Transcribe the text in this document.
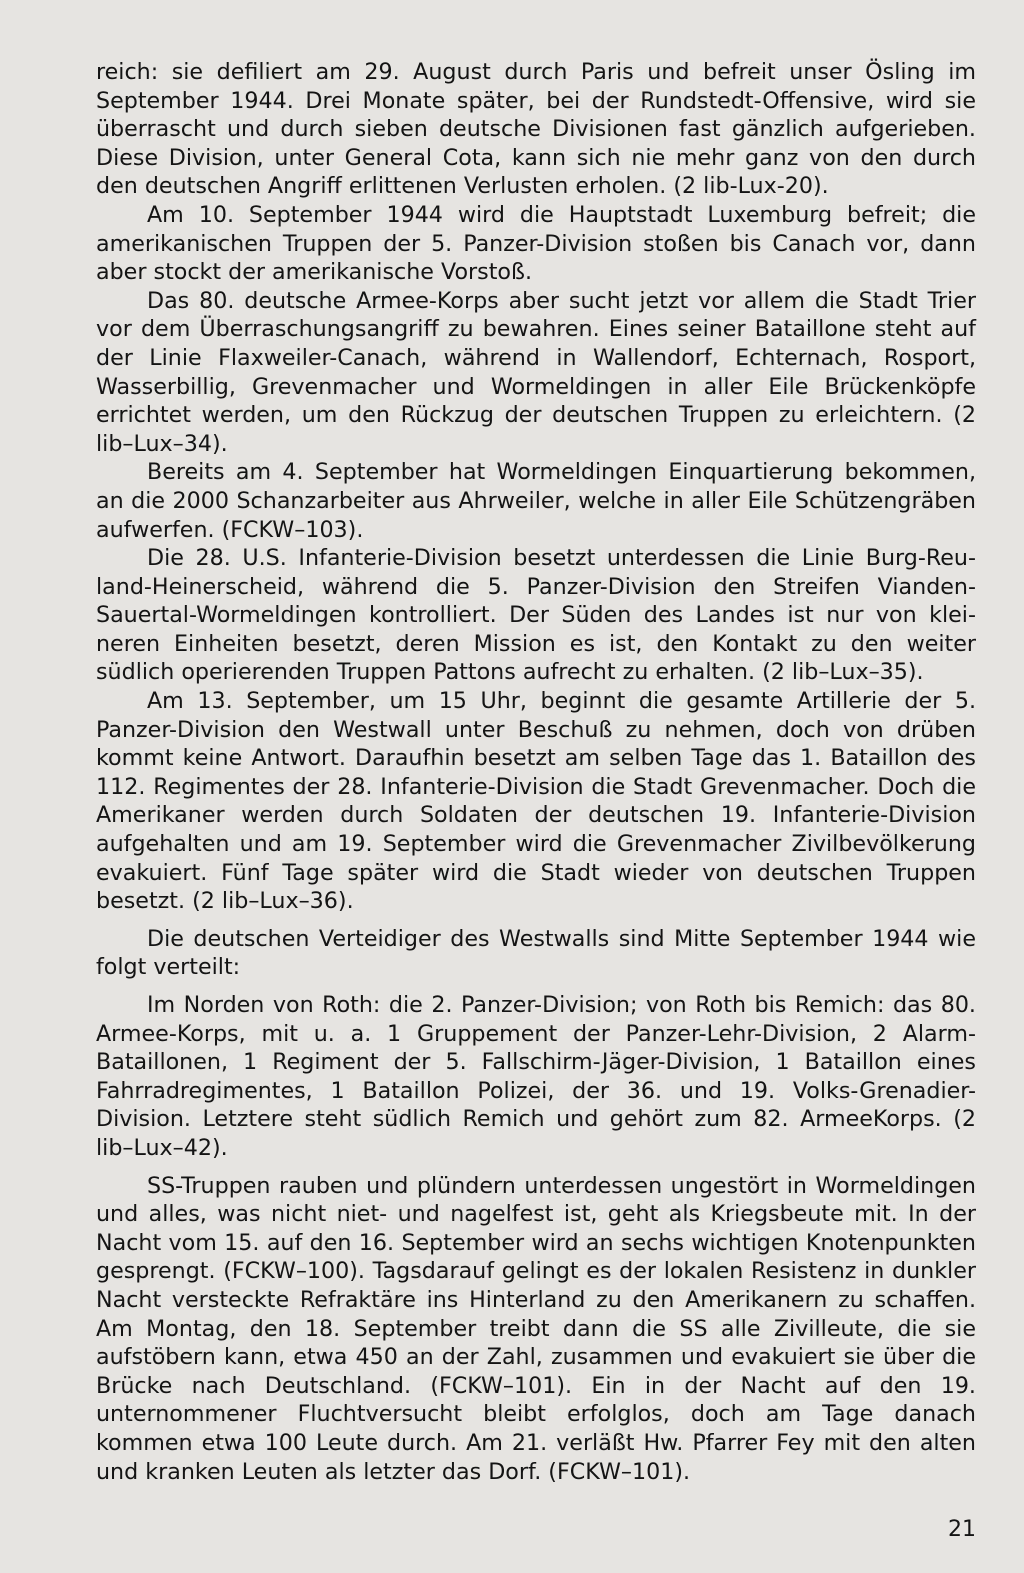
reich: sie defiliert am 29. August durch Paris und befreit unser Ösling im September 1944. Drei Monate später, bei der Rundstedt-Offensive, wird sie überrascht und durch sieben deutsche Divisionen fast gänzlich aufgerieben. Diese Division, unter General Cota, kann sich nie mehr ganz von den durch den deutschen Angriff erlittenen Verlusten erholen. (2 lib-Lux-20).

Am 10. September 1944 wird die Hauptstadt Luxemburg befreit; die amerikanischen Truppen der 5. Panzer-Division stoßen bis Canach vor, dann aber stockt der amerikanische Vorstoß.

Das 80. deutsche Armee-Korps aber sucht jetzt vor allem die Stadt Trier vor dem Überraschungsangriff zu bewahren. Eines seiner Bataillone steht auf der Linie Flaxweiler-Canach, während in Wallendorf, Echternach, Rosport, Wasserbillig, Grevenmacher und Wormeldingen in aller Eile Brückenköpfe errichtet werden, um den Rückzug der deutschen Truppen zu erleichtern. (2 lib–Lux–34).

Bereits am 4. September hat Wormeldingen Einquartierung bekommen, an die 2000 Schanzarbeiter aus Ahrweiler, welche in aller Eile Schützengräben aufwerfen. (FCKW–103).

Die 28. U.S. Infanterie-Division besetzt unterdessen die Linie Burg-Reuland-Heinerscheid, während die 5. Panzer-Division den Streifen Vianden-Sauertal-Wormeldingen kontrolliert. Der Süden des Landes ist nur von kleineren Einheiten besetzt, deren Mission es ist, den Kontakt zu den weiter südlich operierenden Truppen Pattons aufrecht zu erhalten. (2 lib–Lux–35).

Am 13. September, um 15 Uhr, beginnt die gesamte Artillerie der 5. Panzer-Division den Westwall unter Beschuß zu nehmen, doch von drüben kommt keine Antwort. Daraufhin besetzt am selben Tage das 1. Bataillon des 112. Regimentes der 28. Infanterie-Division die Stadt Grevenmacher. Doch die Amerikaner werden durch Soldaten der deutschen 19. Infanterie-Division aufgehalten und am 19. September wird die Grevenmacher Zivilbevölkerung evakuiert. Fünf Tage später wird die Stadt wieder von deutschen Truppen besetzt. (2 lib–Lux–36).

Die deutschen Verteidiger des Westwalls sind Mitte September 1944 wie folgt verteilt:

Im Norden von Roth: die 2. Panzer-Division; von Roth bis Remich: das 80. Armee-Korps, mit u. a. 1 Gruppement der Panzer-Lehr-Division, 2 Alarm-Bataillonen, 1 Regiment der 5. Fallschirm-Jäger-Division, 1 Bataillon eines Fahrradregimentes, 1 Bataillon Polizei, der 36. und 19. Volks-Grenadier-Division. Letztere steht südlich Remich und gehört zum 82. ArmeeKorps. (2 lib–Lux–42).

SS-Truppen rauben und plündern unterdessen ungestört in Wormeldingen und alles, was nicht niet- und nagelfest ist, geht als Kriegsbeute mit. In der Nacht vom 15. auf den 16. September wird an sechs wichtigen Knotenpunkten gesprengt. (FCKW–100). Tagsdarauf gelingt es der lokalen Resistenz in dunkler Nacht versteckte Refraktäre ins Hinterland zu den Amerikanern zu schaffen. Am Montag, den 18. September treibt dann die SS alle Zivilleute, die sie aufstöbern kann, etwa 450 an der Zahl, zusammen und evakuiert sie über die Brücke nach Deutschland. (FCKW–101). Ein in der Nacht auf den 19. unternommener Fluchtversucht bleibt erfolglos, doch am Tage danach kommen etwa 100 Leute durch. Am 21. verläßt Hw. Pfarrer Fey mit den alten und kranken Leuten als letzter das Dorf. (FCKW–101).

21
